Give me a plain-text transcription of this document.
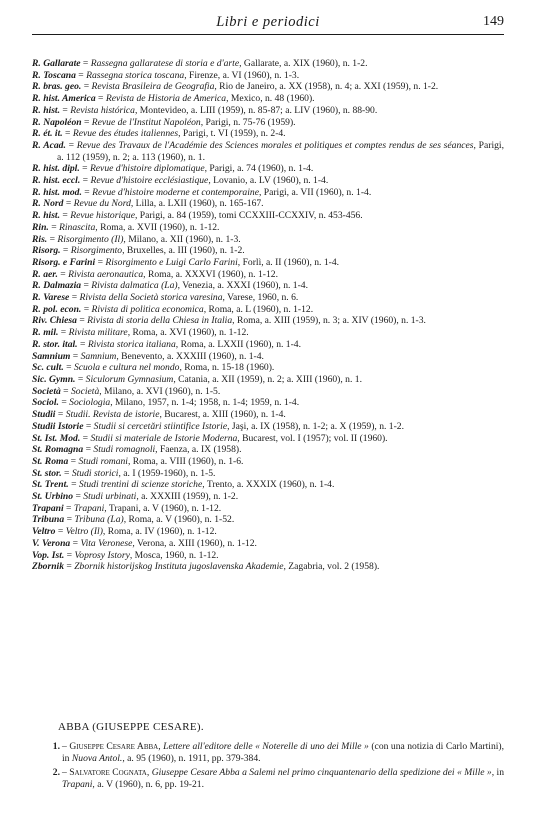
Libri e periodici	149
R. Gallarate = Rassegna gallaratese di storia e d'arte, Gallarate, a. XIX (1960), n. 1-2.
R. Toscana = Rassegna storica toscana, Firenze, a. VI (1960), n. 1-3.
R. bras. geo. = Revista Brasileira de Geografia, Rio de Janeiro, a. XX (1958), n. 4; a. XXI (1959), n. 1-2.
R. hist. America = Revista de Historia de America, Mexico, n. 48 (1960).
R. hist. = Revista histórica, Montevideo, a. LIII (1959), n. 85-87; a. LIV (1960), n. 88-90.
R. Napoléon = Revue de l'Institut Napoléon, Parigi, n. 75-76 (1959).
R. ét. it. = Revue des études italiennes, Parigi, t. VI (1959), n. 2-4.
R. Acad. = Revue des Travaux de l'Académie des Sciences morales et politiques et comptes rendus de ses séances, Parigi, a. 112 (1959), n. 2; a. 113 (1960), n. 1.
R. hist. dipl. = Revue d'histoire diplomatique, Parigi, a. 74 (1960), n. 1-4.
R. hist. eccl. = Revue d'histoire ecclésiastique, Lovanio, a. LV (1960), n. 1-4.
R. hist. mod. = Revue d'histoire moderne et contemporaine, Parigi, a. VII (1960), n. 1-4.
R. Nord = Revue du Nord, Lilla, a. LXII (1960), n. 165-167.
R. hist. = Revue historique, Parigi, a. 84 (1959), tomi CCXXIII-CCXXIV, n. 453-456.
Rin. = Rinascita, Roma, a. XVII (1960), n. 1-12.
Ris. = Risorgimento (Il), Milano, a. XII (1960), n. 1-3.
Risorg. = Risorgimento, Bruxelles, a. III (1960), n. 1-2.
Risorg. e Farini = Risorgimento e Luigi Carlo Farini, Forlì, a. II (1960), n. 1-4.
R. aer. = Rivista aeronautica, Roma, a. XXXVI (1960), n. 1-12.
R. Dalmazia = Rivista dalmatica (La), Venezia, a. XXXI (1960), n. 1-4.
R. Varese = Rivista della Società storica varesina, Varese, 1960, n. 6.
R. pol. econ. = Rivista di politica economica, Roma, a. L (1960), n. 1-12.
Riv. Chiesa = Rivista di storia della Chiesa in Italia, Roma, a. XIII (1959), n. 3; a. XIV (1960), n. 1-3.
R. mil. = Rivista militare, Roma, a. XVI (1960), n. 1-12.
R. stor. ital. = Rivista storica italiana, Roma, a. LXXII (1960), n. 1-4.
Samnium = Samnium, Benevento, a. XXXIII (1960), n. 1-4.
Sc. cult. = Scuola e cultura nel mondo, Roma, n. 15-18 (1960).
Sic. Gymn. = Siculorum Gymnasium, Catania, a. XII (1959), n. 2; a. XIII (1960), n. 1.
Società = Società, Milano, a. XVI (1960), n. 1-5.
Sociol. = Sociologia, Milano, 1957, n. 1-4; 1958, n. 1-4; 1959, n. 1-4.
Studii = Studii. Revista de istorie, Bucarest, a. XIII (1960), n. 1-4.
Studii Istorie = Studii si cercetări stiintifice Istorie, Jaşi, a. IX (1958), n. 1-2; a. X (1959), n. 1-2.
St. Ist. Mod. = Studii si materiale de Istorie Moderna, Bucarest, vol. I (1957); vol. II (1960).
St. Romagna = Studi romagnoli, Faenza, a. IX (1958).
St. Roma = Studi romani, Roma, a. VIII (1960), n. 1-6.
St. stor. = Studi storici, a. I (1959-1960), n. 1-5.
St. Trent. = Studi trentini di scienze storiche, Trento, a. XXXIX (1960), n. 1-4.
St. Urbino = Studi urbinati, a. XXXIII (1959), n. 1-2.
Trapani = Trapani, Trapani, a. V (1960), n. 1-12.
Tribuna = Tribuna (La), Roma, a. V (1960), n. 1-52.
Veltro = Veltro (Il), Roma, a. IV (1960), n. 1-12.
V. Verona = Vita Veronese, Verona, a. XIII (1960), n. 1-12.
Vop. Ist. = Voprosy Istory, Mosca, 1960, n. 1-12.
Zbornik = Zbornik historijskog Instituta jugoslavenska Akademie, Zagabria, vol. 2 (1958).
ABBA (GIUSEPPE CESARE).
1. – Giuseppe Cesare Abba, Lettere all'editore delle « Noterelle di uno dei Mille » (con una notizia di Carlo Martini), in Nuova Antol., a. 95 (1960), n. 1911, pp. 379-384.
2. – Salvatore Cognata, Giuseppe Cesare Abba a Salemi nel primo cinquantenario della spedizione dei « Mille », in Trapani, a. V (1960), n. 6, pp. 19-21.
